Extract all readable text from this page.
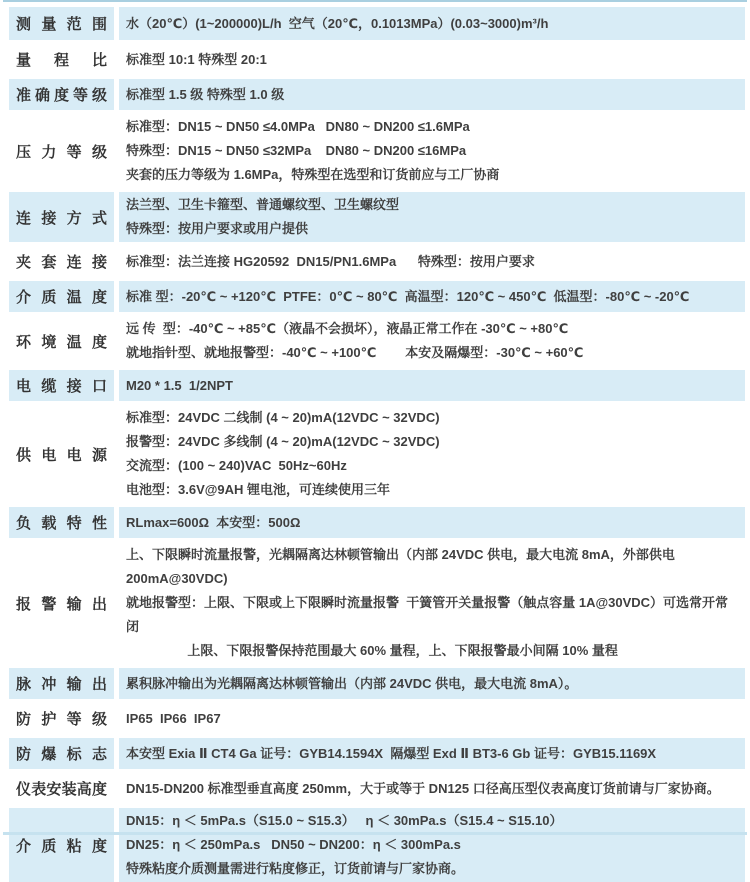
测量范围 水（20℃）(1~200000)L/h  空气（20℃，0.1013MPa）(0.03~3000)m³/h
量程比 标准型 10:1 特殊型 20:1
准确度等级 标准型 1.5 级 特殊型 1.0 级
压力等级
标准型：DN15 ~ DN50 ≤4.0MPa   DN80 ~ DN200 ≤1.6MPa
特殊型：DN15 ~ DN50 ≤32MPa    DN80 ~ DN200 ≤16MPa
夹套的压力等级为 1.6MPa，特殊型在选型和订货前应与工厂协商
连接方式
法兰型、卫生卡箍型、普通螺纹型、卫生螺纹型
特殊型：按用户要求或用户提供
夹套连接 标准型：法兰连接 HG20592  DN15/PN1.6MPa      特殊型：按用户要求
介质温度 标准 型：-20℃ ~ +120℃  PTFE：0℃ ~ 80℃  高温型：120℃ ~ 450℃  低温型：-80℃ ~ -20℃
环境温度
远 传  型：-40℃ ~ +85℃（液晶不会损坏），液晶正常工作在 -30℃ ~ +80℃
就地指针型、就地报警型：-40℃ ~ +100℃        本安及隔爆型：-30℃ ~ +60℃
电缆接口 M20 * 1.5  1/2NPT
供电电源
标准型：24VDC 二线制 (4 ~ 20)mA(12VDC ~ 32VDC)
报警型：24VDC 多线制 (4 ~ 20)mA(12VDC ~ 32VDC)
交流型：(100 ~ 240)VAC  50Hz~60Hz
电池型：3.6V@9AH 锂电池，可连续使用三年
负载特性 RLmax=600Ω  本安型：500Ω
报警输出
上、下限瞬时流量报警，光耦隔离达林顿管输出（内部 24VDC 供电，最大电流 8mA，外部供电 200mA@30VDC)
就地报警型：上限、下限或上下限瞬时流量报警  干簧管开关量报警（触点容量 1A@30VDC）可选常开常闭
上限、下限报警保持范围最大 60% 量程，上、下限报警最小间隔 10% 量程
脉冲输出 累积脉冲输出为光耦隔离达林顿管输出（内部 24VDC 供电，最大电流 8mA）。
防护等级 IP65  IP66  IP67
防爆标志 本安型 Exia Ⅱ CT4 Ga 证号：GYB14.1594X  隔爆型 Exd Ⅱ BT3-6 Gb 证号：GYB15.1169X
仪表安装高度 DN15-DN200 标准型垂直高度 250mm，大于或等于 DN125 口径高压型仪表高度订货前请与厂家协商。
介质粘度
DN15：η ＜ 5mPa.s（S15.0 ~ S15.3）   η ＜ 30mPa.s（S15.4 ~ S15.10）
DN25：η ＜ 250mPa.s   DN50 ~ DN200：η ＜ 300mPa.s
特殊粘度介质测量需进行粘度修正，订货前请与厂家协商。
